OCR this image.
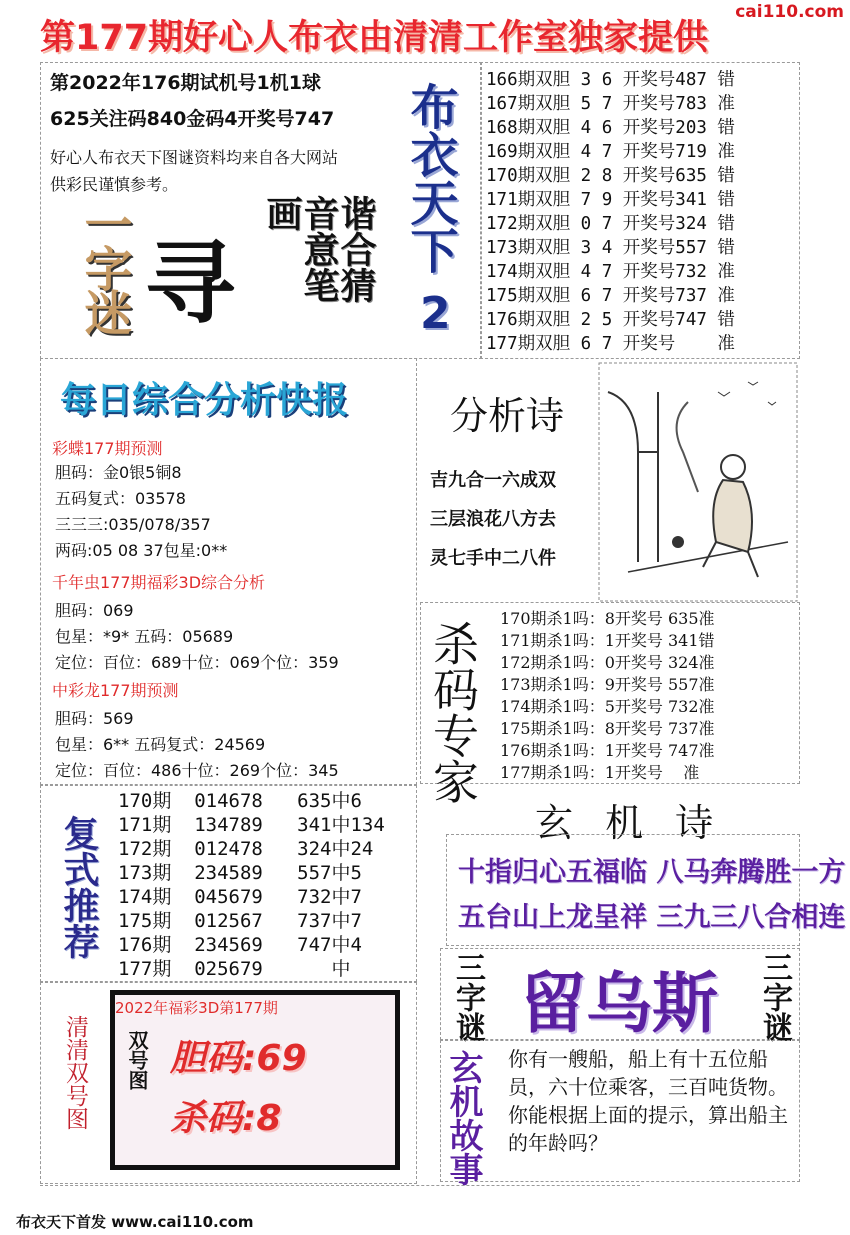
第177期好心人布衣由清清工作室独家提供
cai110.com
第2022年176期试机号1机1球
625关注码840金码4开奖号747
好心人布衣天下图谜资料均来自各大网站
供彩民谨慎参考。
一字迷 寻	谐合猜
音意笔
画 布衣天下
2
166期双胆 3 6 开奖号487 错
167期双胆 5 7 开奖号783 准
168期双胆 4 6 开奖号203 错
169期双胆 4 7 开奖号719 准
170期双胆 2 8 开奖号635 错
171期双胆 7 9 开奖号341 错
172期双胆 0 7 开奖号324 错
173期双胆 3 4 开奖号557 错
174期双胆 4 7 开奖号732 准
175期双胆 6 7 开奖号737 准
176期双胆 2 5 开奖号747 错
177期双胆 6 7 开奖号    准
每日综合分析快报
彩蝶177期预测
胆码：金0银5铜8
五码复式：03578
三三三:035/078/357
两码:05 08 37包星:0**
千年虫177期福彩3D综合分析
胆码：069
包星：*9* 五码：05689
定位：百位：689十位：069个位：359
中彩龙177期预测
胆码：569
包星：6** 五码复式：24569
定位：百位：486十位：269个位：345
分析诗
吉九合一六成双
三层浪花八方去
灵七手中二八件
杀码专家
170期杀1吗：8开奖号 635准
171期杀1吗：1开奖号 341错
172期杀1吗：0开奖号 324准
173期杀1吗：9开奖号 557准
174期杀1吗：5开奖号 732准
175期杀1吗：8开奖号 737准
176期杀1吗：1开奖号 747准
177期杀1吗：1开奖号    准
复式推荐
170期  014678   635中6
171期  134789   341中134
172期  012478   324中24
173期  234589   557中5
174期  045679   732中7
175期  012567   737中7
176期  234569   747中4
177期  025679      中
玄 机 诗
十指归心五福临 八马奔腾胜一方
五台山上龙呈祥 三九三八合相连
清清双号图
2022年福彩3D第177期
双号图 胆码:69
杀码:8
三字谜 留乌斯 三字谜
玄机故事 你有一艘船，船上有十五位船员，六十位乘客，三百吨货物。你能根据上面的提示，算出船主的年龄吗？
布衣天下首发 www.cai110.com
